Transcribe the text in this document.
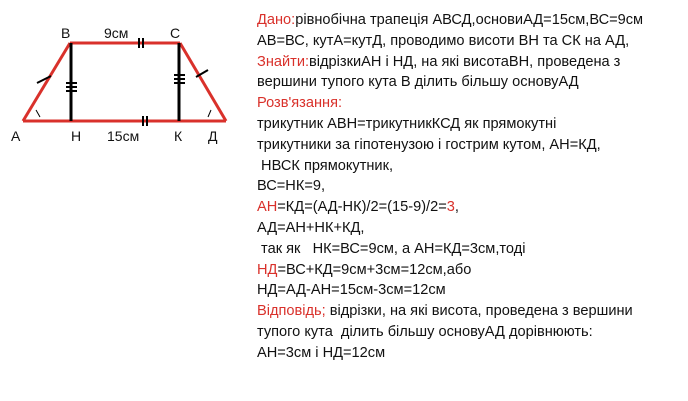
В	С
А	Н	К Д
9см
15см
Дано:рівнобічна трапеція АВСД,основиАД=15см,ВС=9см
АВ=ВС, кутА=кутД, проводимо висоти ВН та СК на АД,
Знайти:відрізкиАН і НД, на які висотаВН, проведена з
вершини тупого кута В ділить більшу основуАД
Розв'язання:
трикутник АВН=трикутникКСД як прямокутні
трикутники за гіпотенузою і гострим кутом, АН=КД,
НВСК прямокутник,
ВС=НК=9,
АН=КД=(АД-НК)/2=(15-9)/2=3,
АД=АН+НК+КД,
так як   НК=ВС=9см, а АН=КД=3см,тоді
НД=ВС+КД=9см+3см=12см,або
НД=АД-АН=15см-3см=12см
Відповідь; відрізки, на які висота, проведена з вершини
тупого кута  ділить більшу основуАД дорівнюють:
АН=3см і НД=12см
